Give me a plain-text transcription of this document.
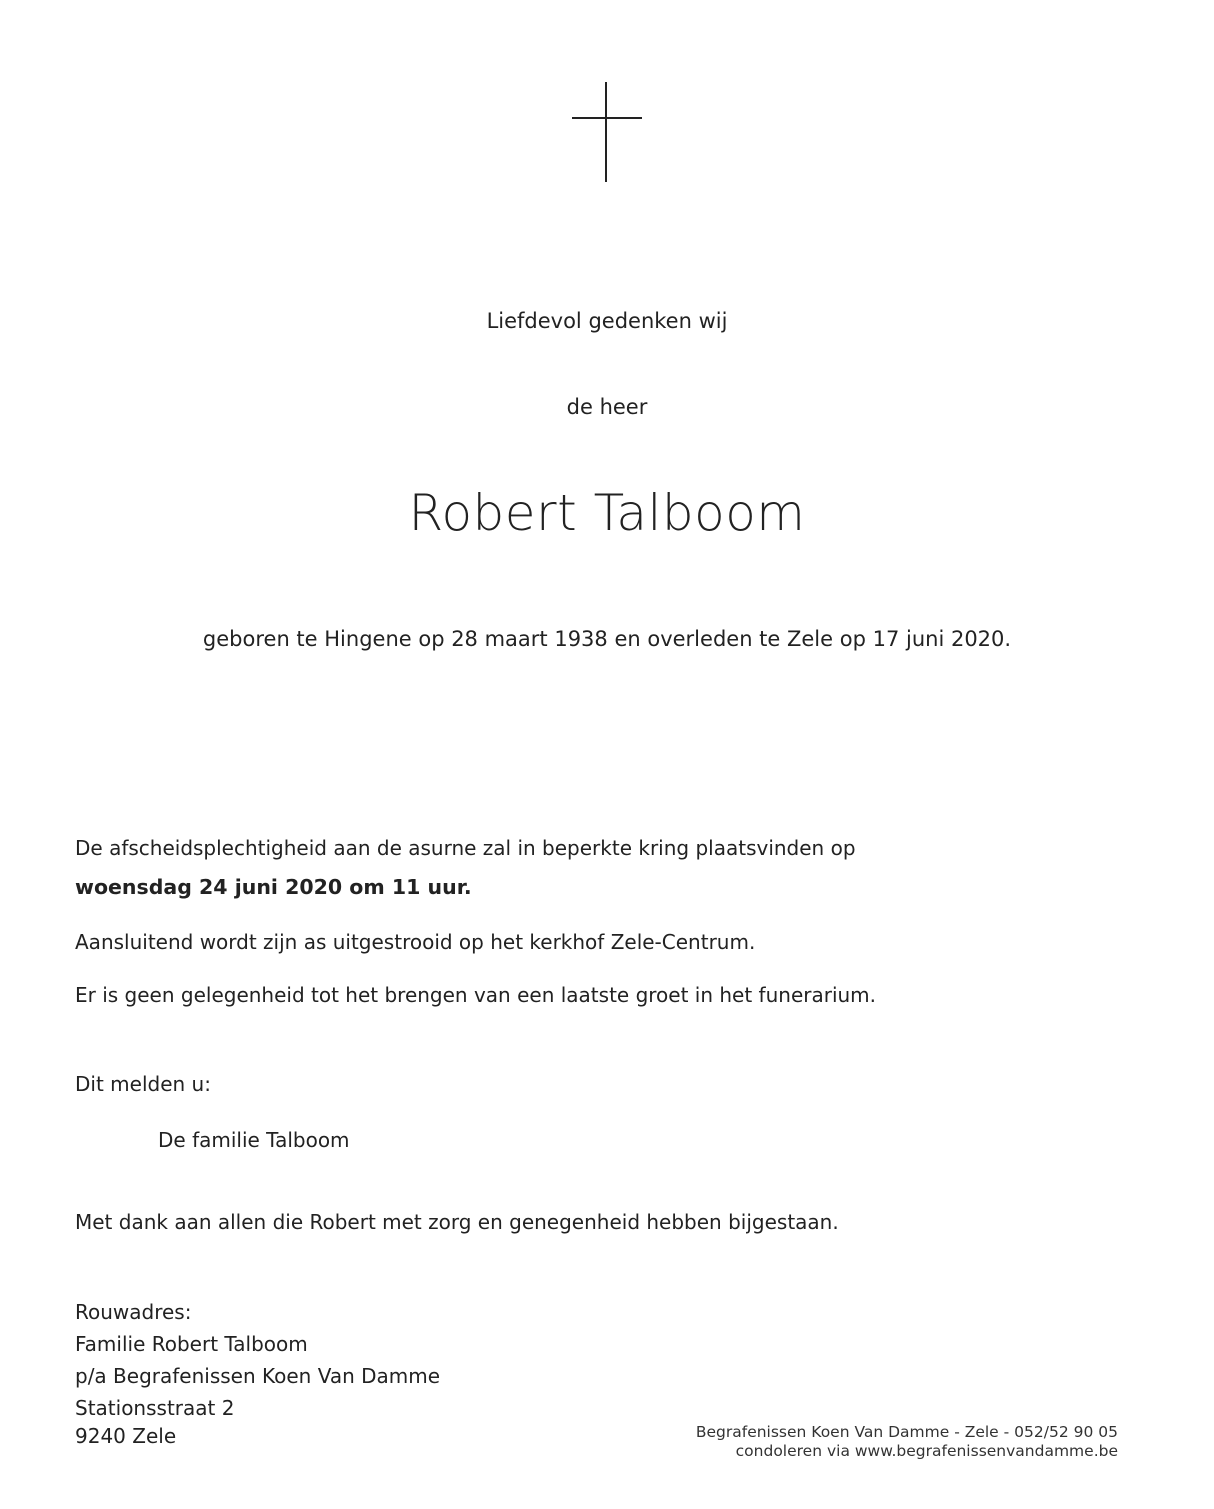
Liefdevol gedenken wij
de heer
Robert Talboom
geboren te Hingene op 28 maart 1938 en overleden te Zele op 17 juni 2020.
De afscheidsplechtigheid aan de asurne zal in beperkte kring plaatsvinden op
woensdag 24 juni 2020 om 11 uur.
Aansluitend wordt zijn as uitgestrooid op het kerkhof Zele-Centrum.
Er is geen gelegenheid tot het brengen van een laatste groet in het funerarium.
Dit melden u:
De familie Talboom
Met dank aan allen die Robert met zorg en genegenheid hebben bijgestaan.
Rouwadres:
Familie Robert Talboom
p/a Begrafenissen Koen Van Damme
Stationsstraat 2
9240 Zele	Begrafenissen Koen Van Damme - Zele - 052/52 90 05
condoleren via www.begrafenissenvandamme.be
